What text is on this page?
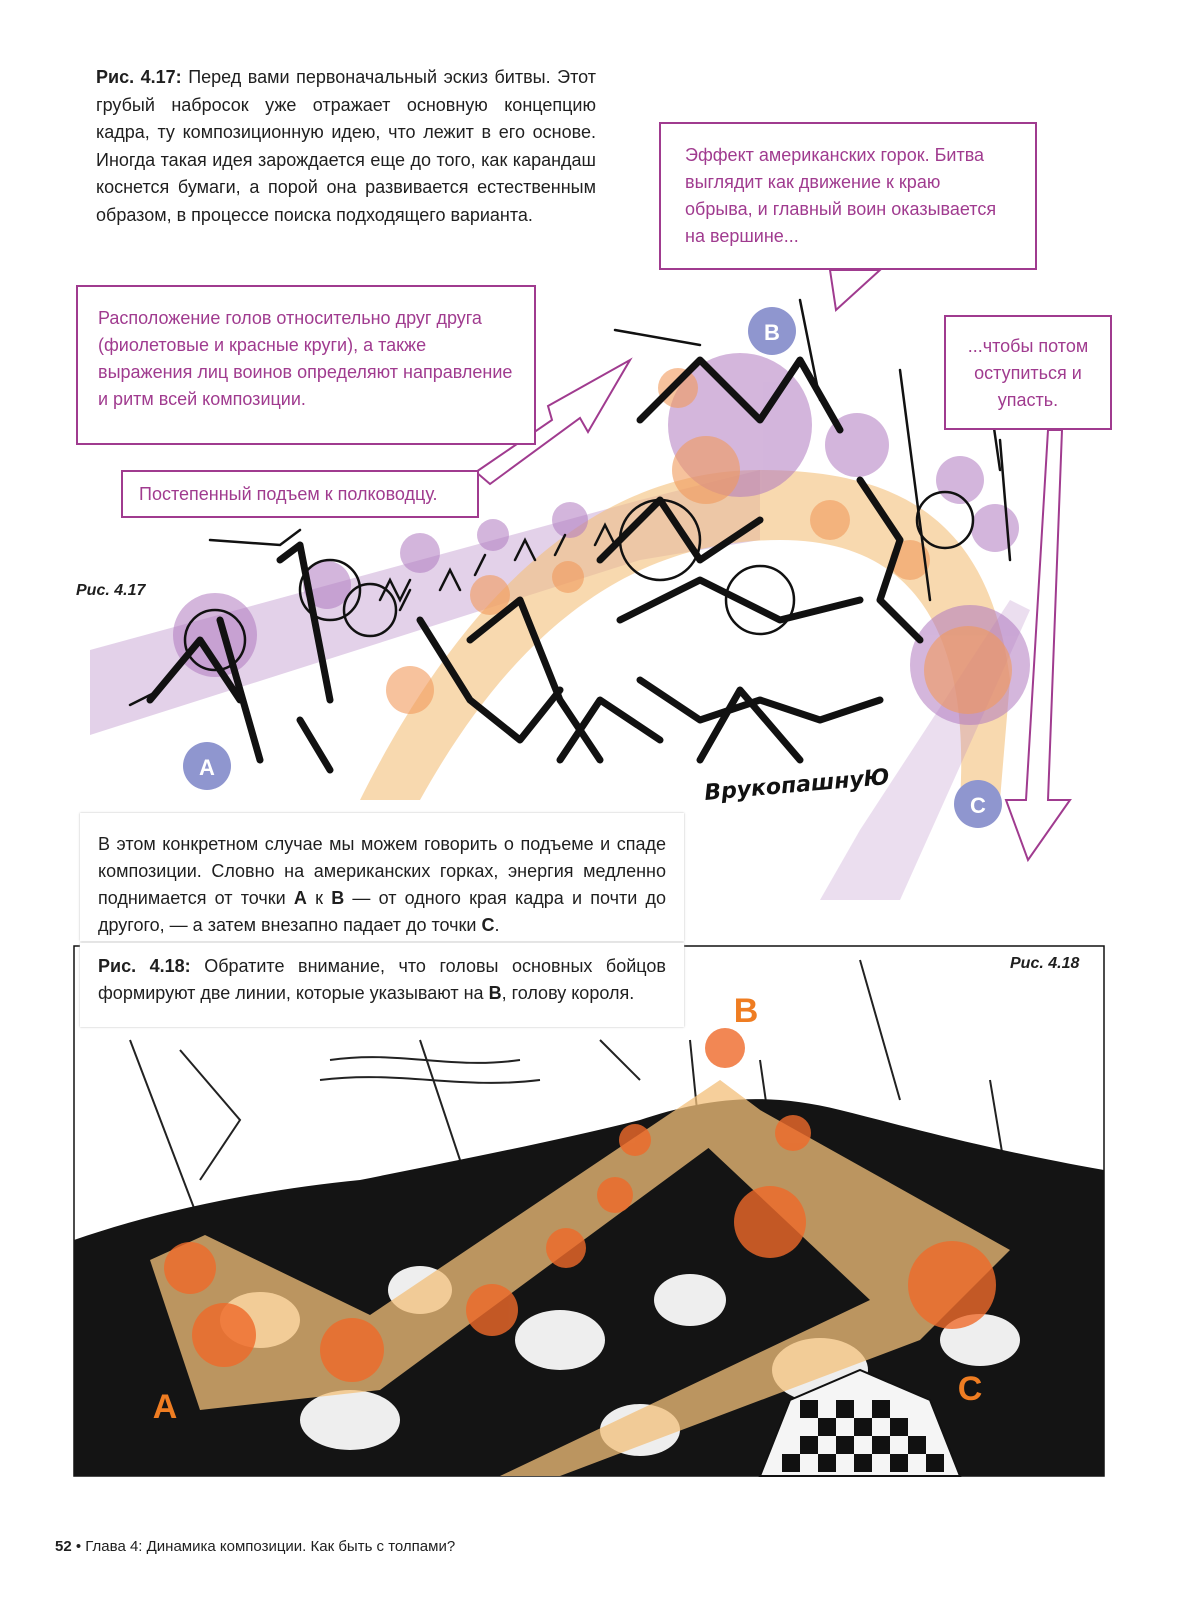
Рис. 4.17: Перед вами первоначальный эскиз битвы. Этот грубый набросок уже отражает основную концепцию кадра, ту композиционную идею, что лежит в его основе. Иногда такая идея зарождается еще до того, как карандаш коснется бумаги, а порой она развивается естественным образом, в процессе поиска подходящего варианта.

ВрукопашнуЮ
A
B
C
A
B
C

Эффект американских горок. Битва выглядит как движение к краю обрыва, и главный воин оказывается на вершине...

Расположение голов относительно друг друга (фиолетовые и красные круги), а также выражения лиц воинов определяют направление и ритм всей композиции.

...чтобы потом оступиться и упасть.

Постепенный подъем к полководцу.

Рис. 4.17
Рис. 4.18

В этом конкретном случае мы можем говорить о подъеме и спаде композиции. Словно на американских горках, энергия медленно поднимается от точки A к B — от одного края кадра и почти до другого, — а затем внезапно падает до точки C.

Рис. 4.18: Обратите внимание, что головы основных бойцов формируют две линии, которые указывают на B, голову короля.

52 • Глава 4: Динамика композиции. Как быть с толпами?
